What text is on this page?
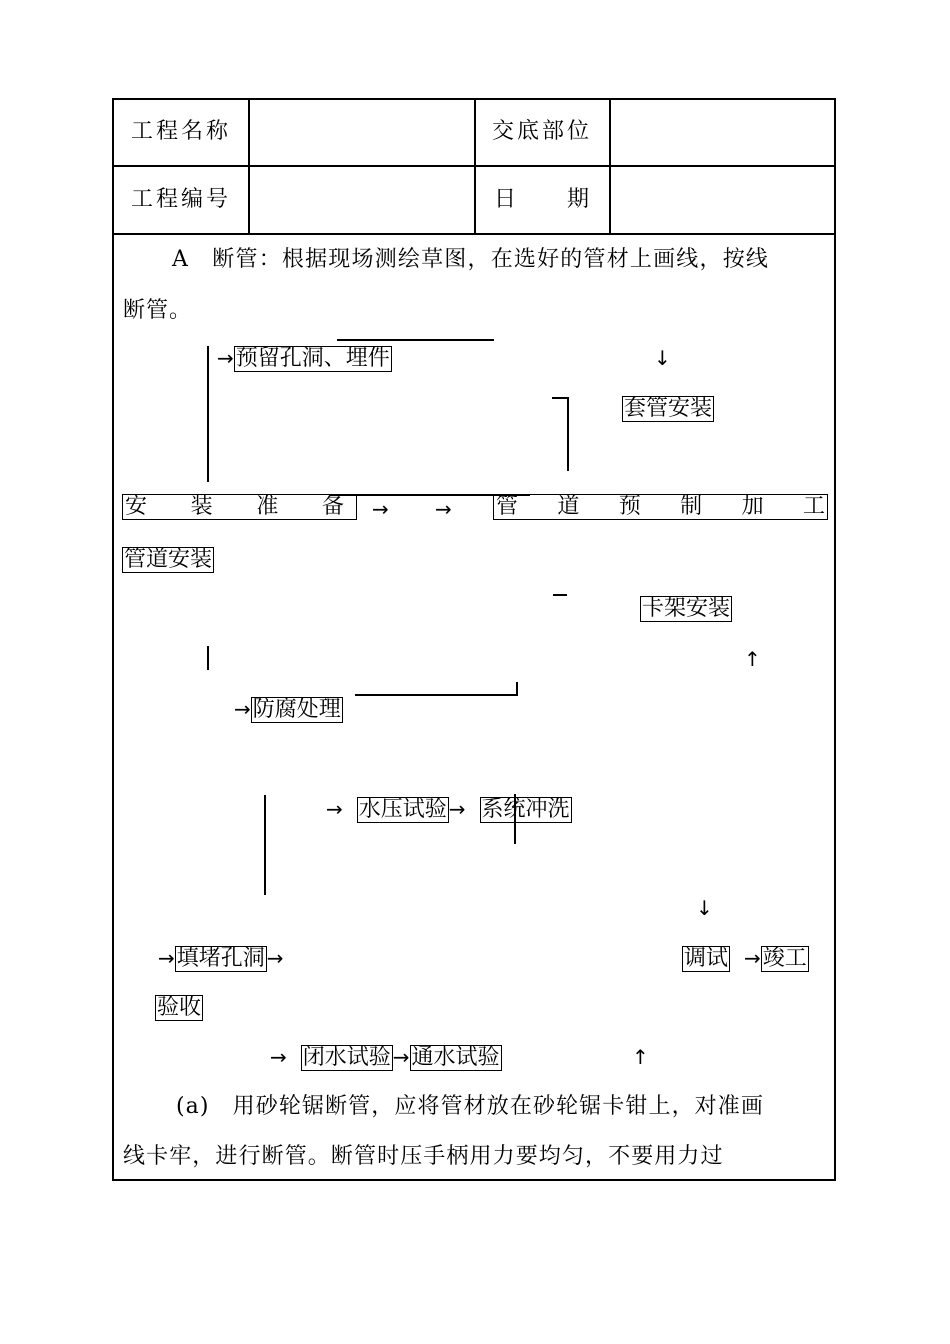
工程名称	交底部位
工程编号	日 期
A　断管：根据现场测绘草图，在选好的管材上画线，按线
断管。
→预留孔洞、埋件	↓
套管安装
安 装 准 备 → → 管 道 预 制 加 工
管道安装
卡架安装
↑
→防腐处理
→ 水压试验 → 系统冲洗
↓
→填堵孔洞 →	调试 →竣工
验收
→ 闭水试验 →通水试验	↑
(a)　用砂轮锯断管，应将管材放在砂轮锯卡钳上，对准画
线卡牢，进行断管。断管时压手柄用力要均匀，不要用力过
